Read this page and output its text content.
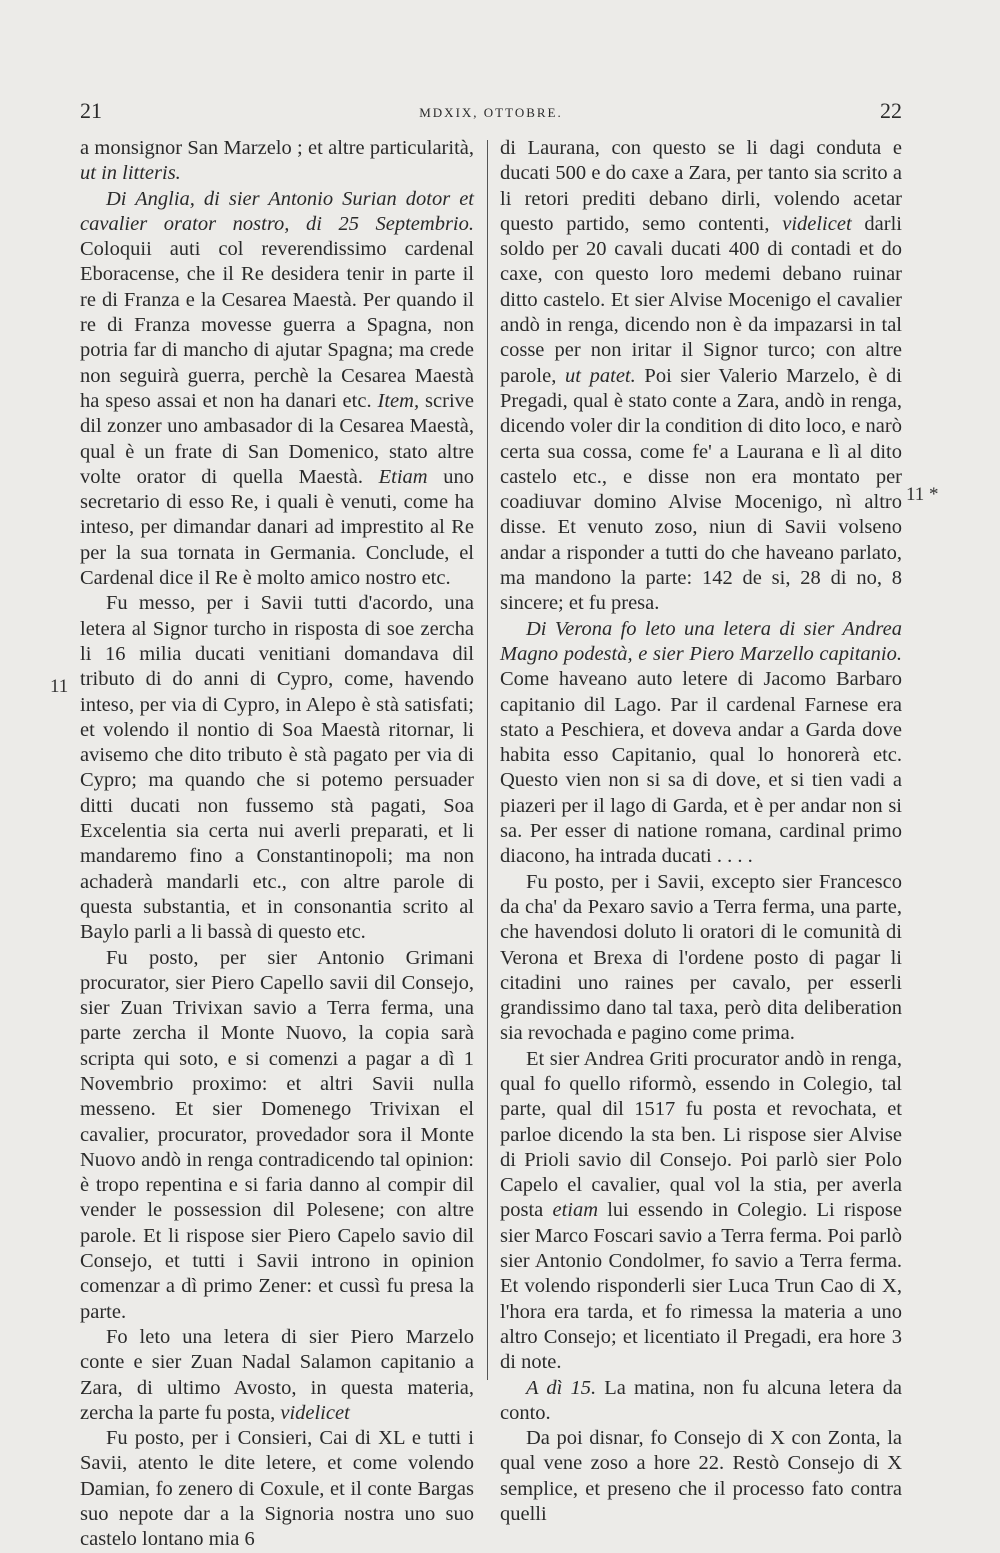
21	MDXIX, OTTOBRE.	22
11
11 *

a monsignor San Marzelo ; et altre particularità, ut in litteris.

Di Anglia, di sier Antonio Surian dotor et cavalier orator nostro, di 25 Septembrio. Coloquii auti col reverendissimo cardenal Eboracense, che il Re desidera tenir in parte il re di Franza e la Cesarea Maestà. Per quando il re di Franza movesse guerra a Spagna, non potria far di mancho di ajutar Spagna; ma crede non seguirà guerra, perchè la Cesarea Maestà ha speso assai et non ha danari etc. Item, scrive dil zonzer uno ambasador di la Cesarea Maestà, qual è un frate di San Domenico, stato altre volte orator di quella Maestà. Etiam uno secretario di esso Re, i quali è venuti, come ha inteso, per dimandar danari ad imprestito al Re per la sua tornata in Germania. Conclude, el Cardenal dice il Re è molto amico nostro etc.

Fu messo, per i Savii tutti d'acordo, una letera al Signor turcho in risposta di soe zercha li 16 milia ducati venitiani domandava dil tributo di do anni di Cypro, come, havendo inteso, per via di Cypro, in Alepo è stà satisfati; et volendo il nontio di Soa Maestà ritornar, li avisemo che dito tributo è stà pagato per via di Cypro; ma quando che si potemo persuader ditti ducati non fussemo stà pagati, Soa Excelentia sia certa nui averli preparati, et li mandaremo fino a Constantinopoli; ma non achaderà mandarli etc., con altre parole di questa substantia, et in consonantia scrito al Baylo parli a li bassà di questo etc.

Fu posto, per sier Antonio Grimani procurator, sier Piero Capello savii dil Consejo, sier Zuan Trivixan savio a Terra ferma, una parte zercha il Monte Nuovo, la copia sarà scripta qui soto, e si comenzi a pagar a dì 1 Novembrio proximo: et altri Savii nulla messeno. Et sier Domenego Trivixan el cavalier, procurator, provedador sora il Monte Nuovo andò in renga contradicendo tal opinion: è tropo repentina e si faria danno al compir dil vender le possession dil Polesene; con altre parole. Et li rispose sier Piero Capelo savio dil Consejo, et tutti i Savii introno in opinion comenzar a dì primo Zener: et cussì fu presa la parte.

Fo leto una letera di sier Piero Marzelo conte e sier Zuan Nadal Salamon capitanio a Zara, di ultimo Avosto, in questa materia, zercha la parte fu posta, videlicet

Fu posto, per i Consieri, Cai di XL e tutti i Savii, atento le dite letere, et come volendo Damian, fo zenero di Coxule, et il conte Bargas suo nepote dar a la Signoria nostra uno suo castelo lontano mia 6

di Laurana, con questo se li dagi conduta e ducati 500 e do caxe a Zara, per tanto sia scrito a li retori prediti debano dirli, volendo acetar questo partido, semo contenti, videlicet darli soldo per 20 cavali ducati 400 di contadi et do caxe, con questo loro medemi debano ruinar ditto castelo. Et sier Alvise Mocenigo el cavalier andò in renga, dicendo non è da impazarsi in tal cosse per non iritar il Signor turco; con altre parole, ut patet. Poi sier Valerio Marzelo, è di Pregadi, qual è stato conte a Zara, andò in renga, dicendo voler dir la condition di dito loco, e narò certa sua cossa, come fe' a Laurana e lì al dito castelo etc., e disse non era montato per coadiuvar domino Alvise Mocenigo, nì altro disse. Et venuto zoso, niun di Savii volseno andar a risponder a tutti do che haveano parlato, ma mandono la parte: 142 de si, 28 di no, 8 sincere; et fu presa.

Di Verona fo leto una letera di sier Andrea Magno podestà, e sier Piero Marzello capitanio. Come haveano auto letere di Jacomo Barbaro capitanio dil Lago. Par il cardenal Farnese era stato a Peschiera, et doveva andar a Garda dove habita esso Capitanio, qual lo honorerà etc. Questo vien non si sa di dove, et si tien vadi a piazeri per il lago di Garda, et è per andar non si sa. Per esser di natione romana, cardinal primo diacono, ha intrada ducati . . . .

Fu posto, per i Savii, excepto sier Francesco da cha' da Pexaro savio a Terra ferma, una parte, che havendosi doluto li oratori di le comunità di Verona et Brexa di l'ordene posto di pagar li citadini uno raines per cavalo, per esserli grandissimo dano tal taxa, però dita deliberation sia revochada e pagino come prima.

Et sier Andrea Griti procurator andò in renga, qual fo quello riformò, essendo in Colegio, tal parte, qual dil 1517 fu posta et revochata, et parloe dicendo la sta ben. Li rispose sier Alvise di Prioli savio dil Consejo. Poi parlò sier Polo Capelo el cavalier, qual vol la stia, per averla posta etiam lui essendo in Colegio. Li rispose sier Marco Foscari savio a Terra ferma. Poi parlò sier Antonio Condolmer, fo savio a Terra ferma. Et volendo risponderli sier Luca Trun Cao di X, l'hora era tarda, et fo rimessa la materia a uno altro Consejo; et licentiato il Pregadi, era hore 3 di note.

A dì 15. La matina, non fu alcuna letera da conto.

Da poi disnar, fo Consejo di X con Zonta, la qual vene zoso a hore 22. Restò Consejo di X semplice, et preseno che il processo fato contra quelli
